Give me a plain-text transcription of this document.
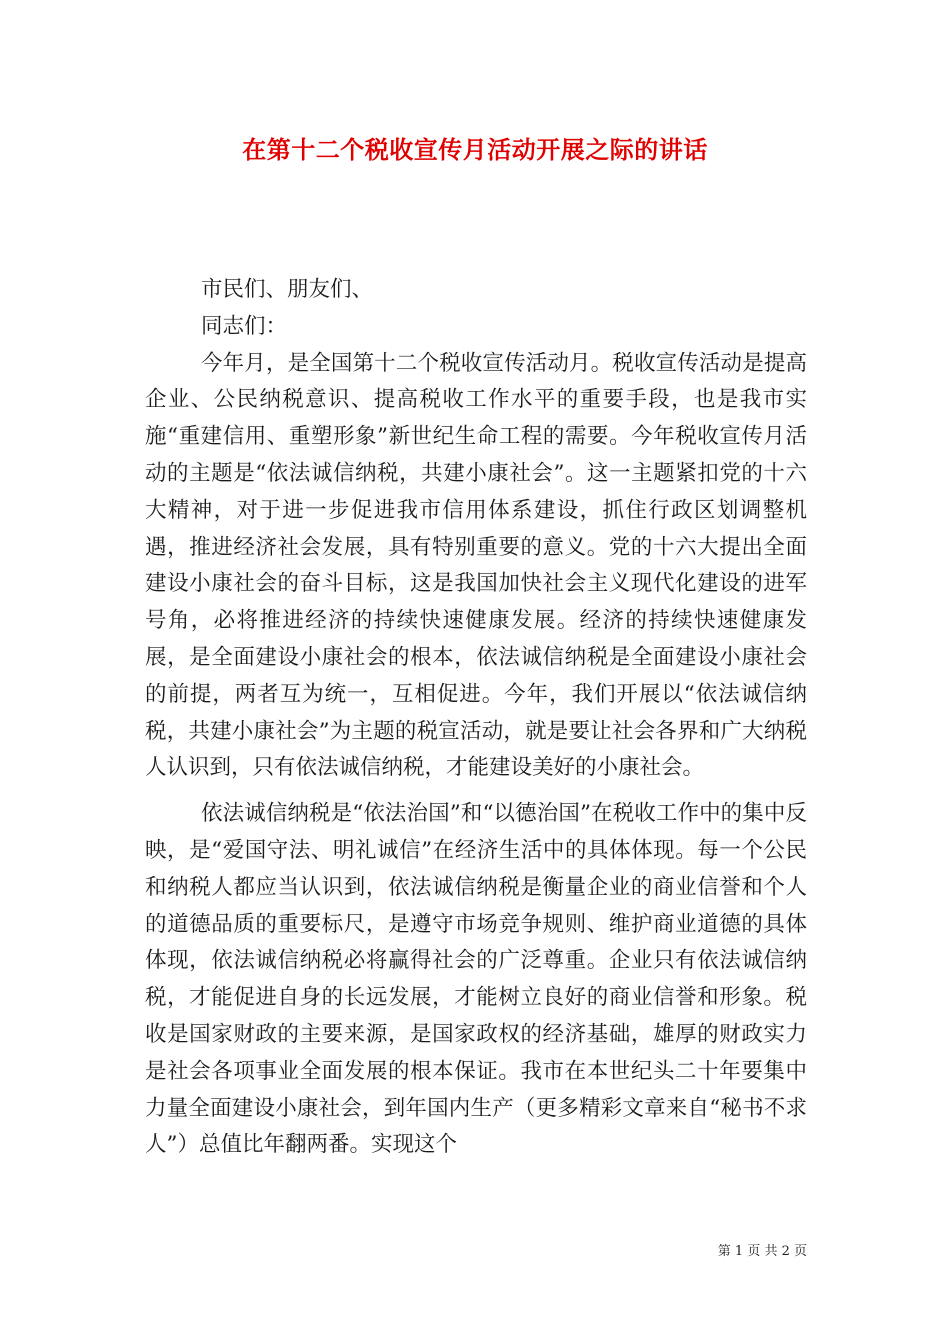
在第十二个税收宣传月活动开展之际的讲话

市民们、朋友们、

同志们：

今年月，是全国第十二个税收宣传活动月。税收宣传活动是提高企业、公民纳税意识、提高税收工作水平的重要手段，也是我市实施“重建信用、重塑形象”新世纪生命工程的需要。今年税收宣传月活动的主题是“依法诚信纳税，共建小康社会”。这一主题紧扣党的十六大精神，对于进一步促进我市信用体系建设，抓住行政区划调整机遇，推进经济社会发展，具有特别重要的意义。党的十六大提出全面建设小康社会的奋斗目标，这是我国加快社会主义现代化建设的进军号角，必将推进经济的持续快速健康发展。经济的持续快速健康发展，是全面建设小康社会的根本，依法诚信纳税是全面建设小康社会的前提，两者互为统一，互相促进。今年，我们开展以“依法诚信纳税，共建小康社会”为主题的税宣活动，就是要让社会各界和广大纳税人认识到，只有依法诚信纳税，才能建设美好的小康社会。

依法诚信纳税是“依法治国”和“以德治国”在税收工作中的集中反映，是“爱国守法、明礼诚信”在经济生活中的具体体现。每一个公民和纳税人都应当认识到，依法诚信纳税是衡量企业的商业信誉和个人的道德品质的重要标尺，是遵守市场竞争规则、维护商业道德的具体体现，依法诚信纳税必将赢得社会的广泛尊重。企业只有依法诚信纳税，才能促进自身的长远发展，才能树立良好的商业信誉和形象。税收是国家财政的主要来源，是国家政权的经济基础，雄厚的财政实力是社会各项事业全面发展的根本保证。我市在本世纪头二十年要集中力量全面建设小康社会，到年国内生产（更多精彩文章来自“秘书不求人”）总值比年翻两番。实现这个

第 1 页 共 2 页
